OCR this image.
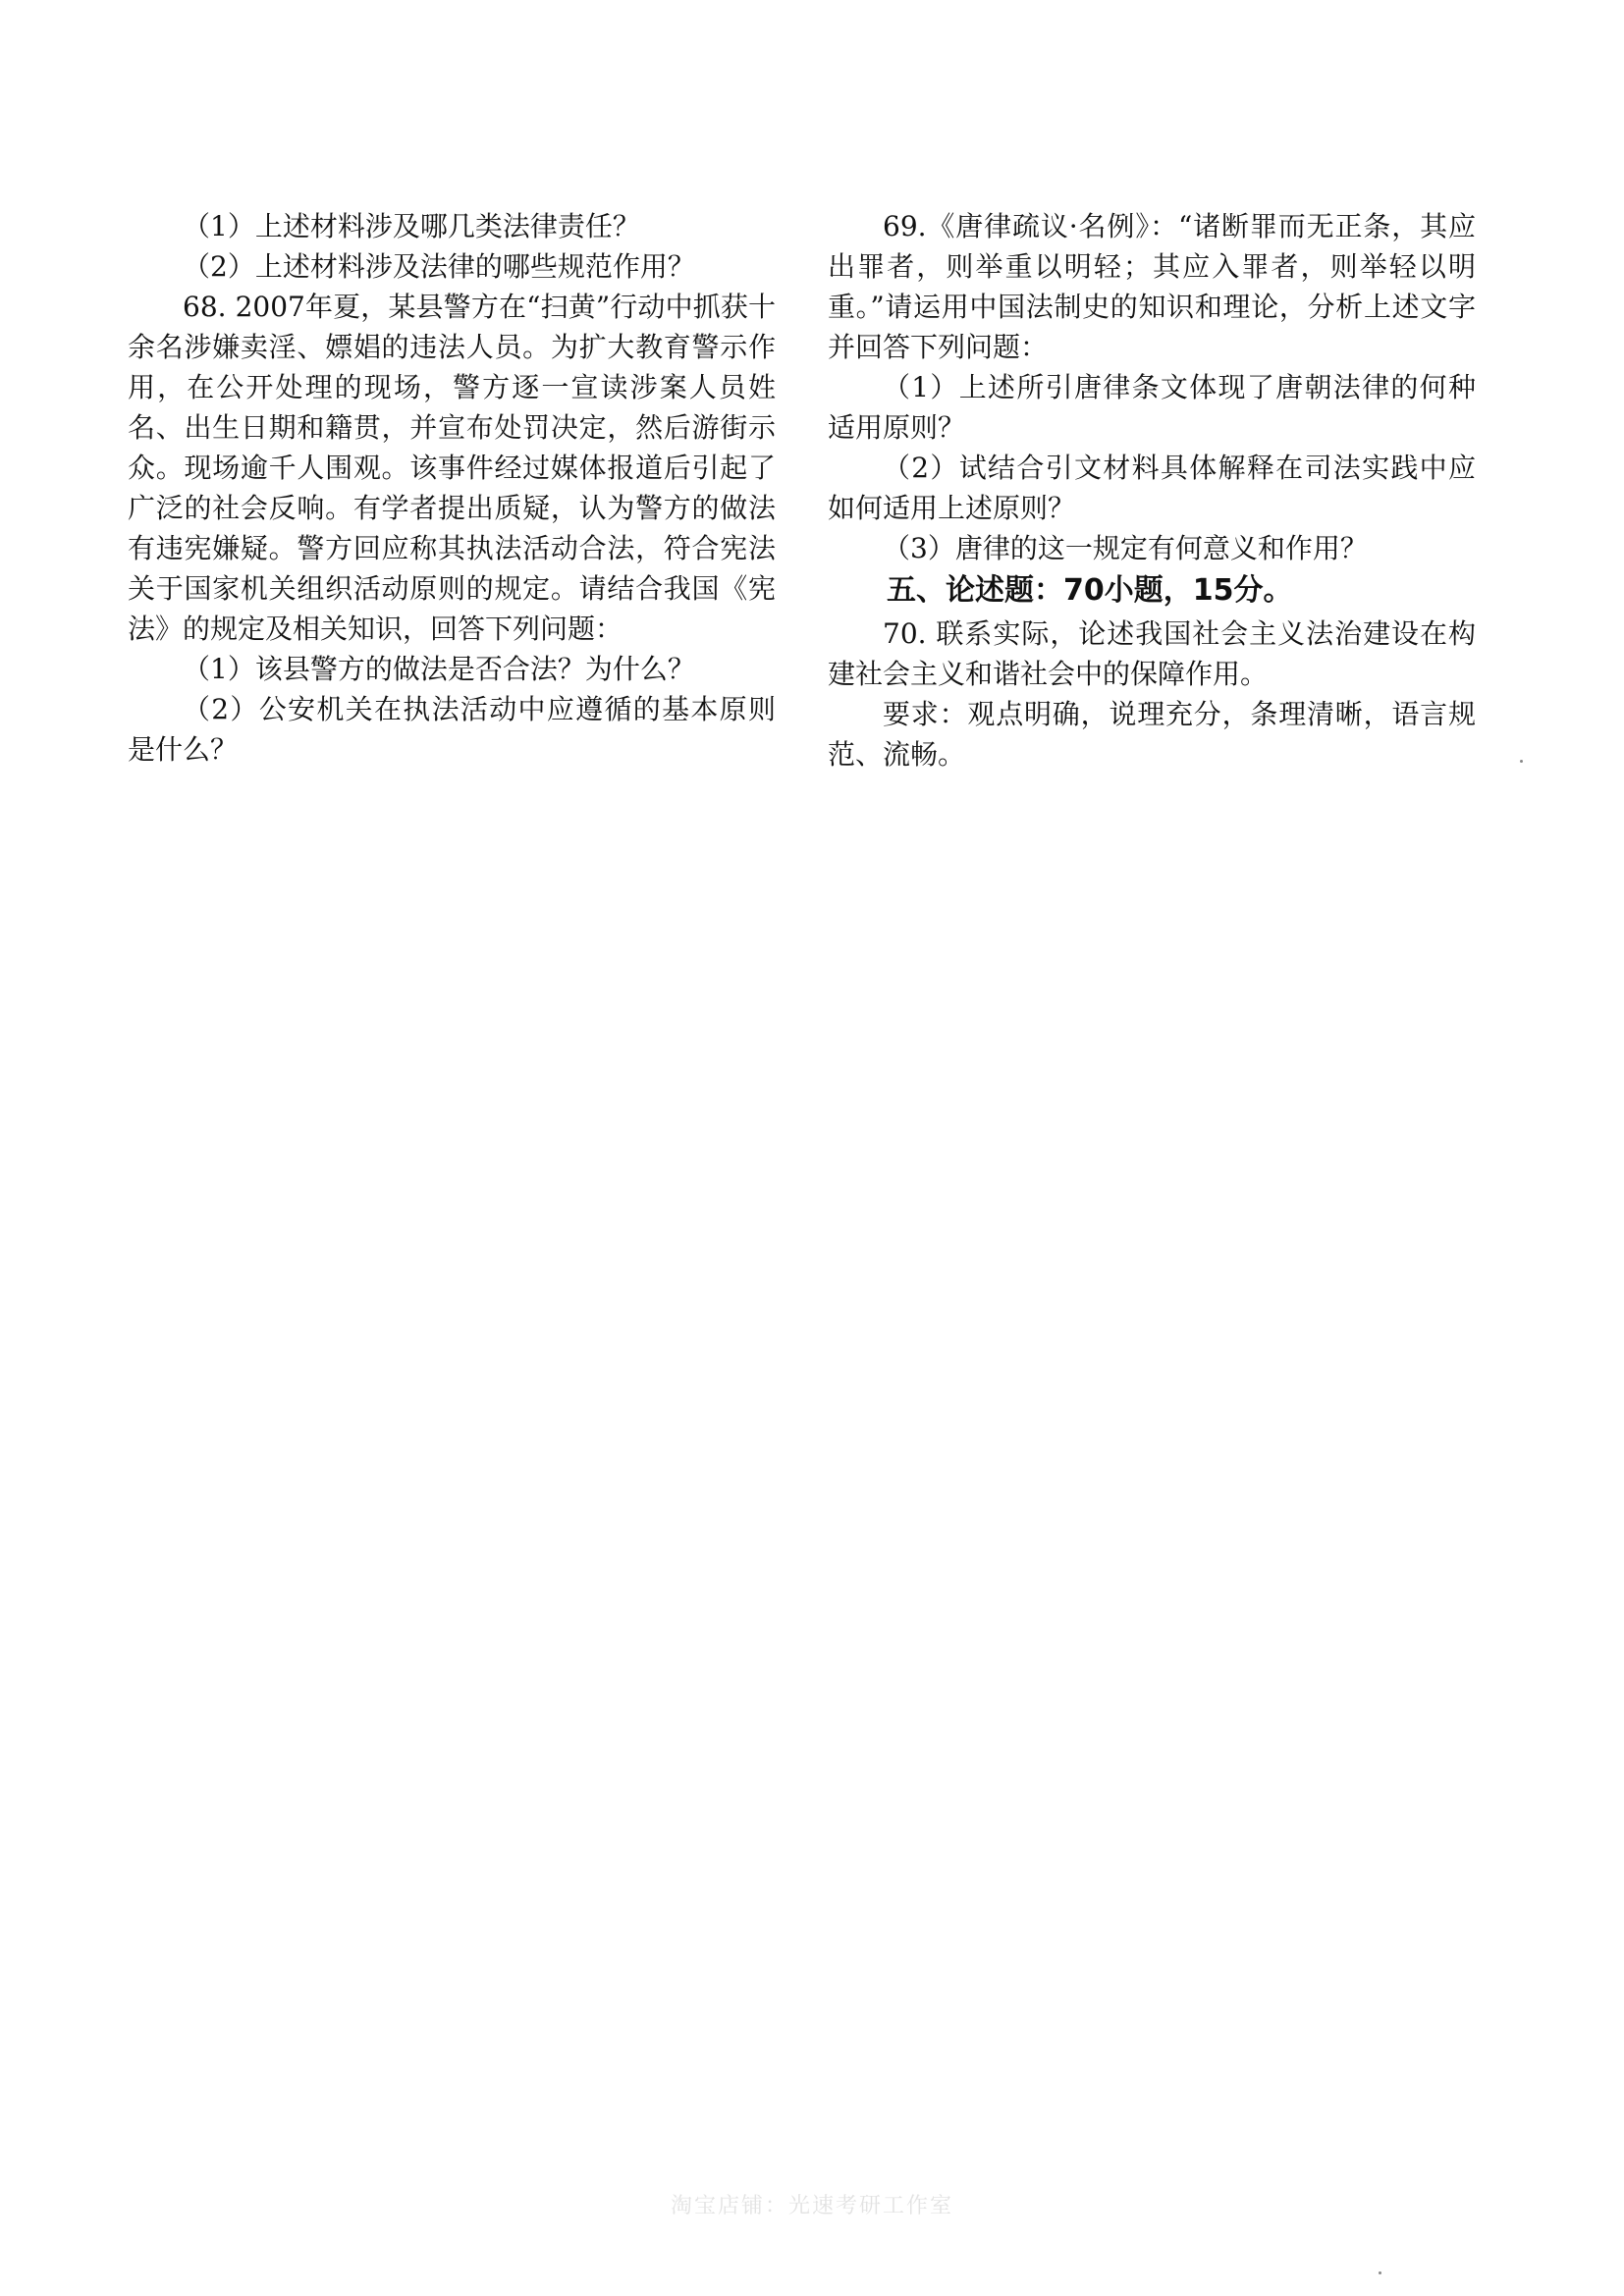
（1）上述材料涉及哪几类法律责任？

（2）上述材料涉及法律的哪些规范作用？

68. 2007年夏，某县警方在“扫黄”行动中抓获十余名涉嫌卖淫、嫖娼的违法人员。为扩大教育警示作用，在公开处理的现场，警方逐一宣读涉案人员姓名、出生日期和籍贯，并宣布处罚决定，然后游街示众。现场逾千人围观。该事件经过媒体报道后引起了广泛的社会反响。有学者提出质疑，认为警方的做法有违宪嫌疑。警方回应称其执法活动合法，符合宪法关于国家机关组织活动原则的规定。请结合我国《宪法》的规定及相关知识，回答下列问题：

（1）该县警方的做法是否合法？为什么？

（2）公安机关在执法活动中应遵循的基本原则是什么？

69.《唐律疏议·名例》：“诸断罪而无正条，其应出罪者，则举重以明轻；其应入罪者，则举轻以明重。”请运用中国法制史的知识和理论，分析上述文字并回答下列问题：

（1）上述所引唐律条文体现了唐朝法律的何种适用原则？

（2）试结合引文材料具体解释在司法实践中应如何适用上述原则？

（3）唐律的这一规定有何意义和作用？

五、论述题：70小题，15分。

70. 联系实际，论述我国社会主义法治建设在构建社会主义和谐社会中的保障作用。

要求：观点明确，说理充分，条理清晰，语言规范、流畅。

淘宝店铺：光速考研工作室
